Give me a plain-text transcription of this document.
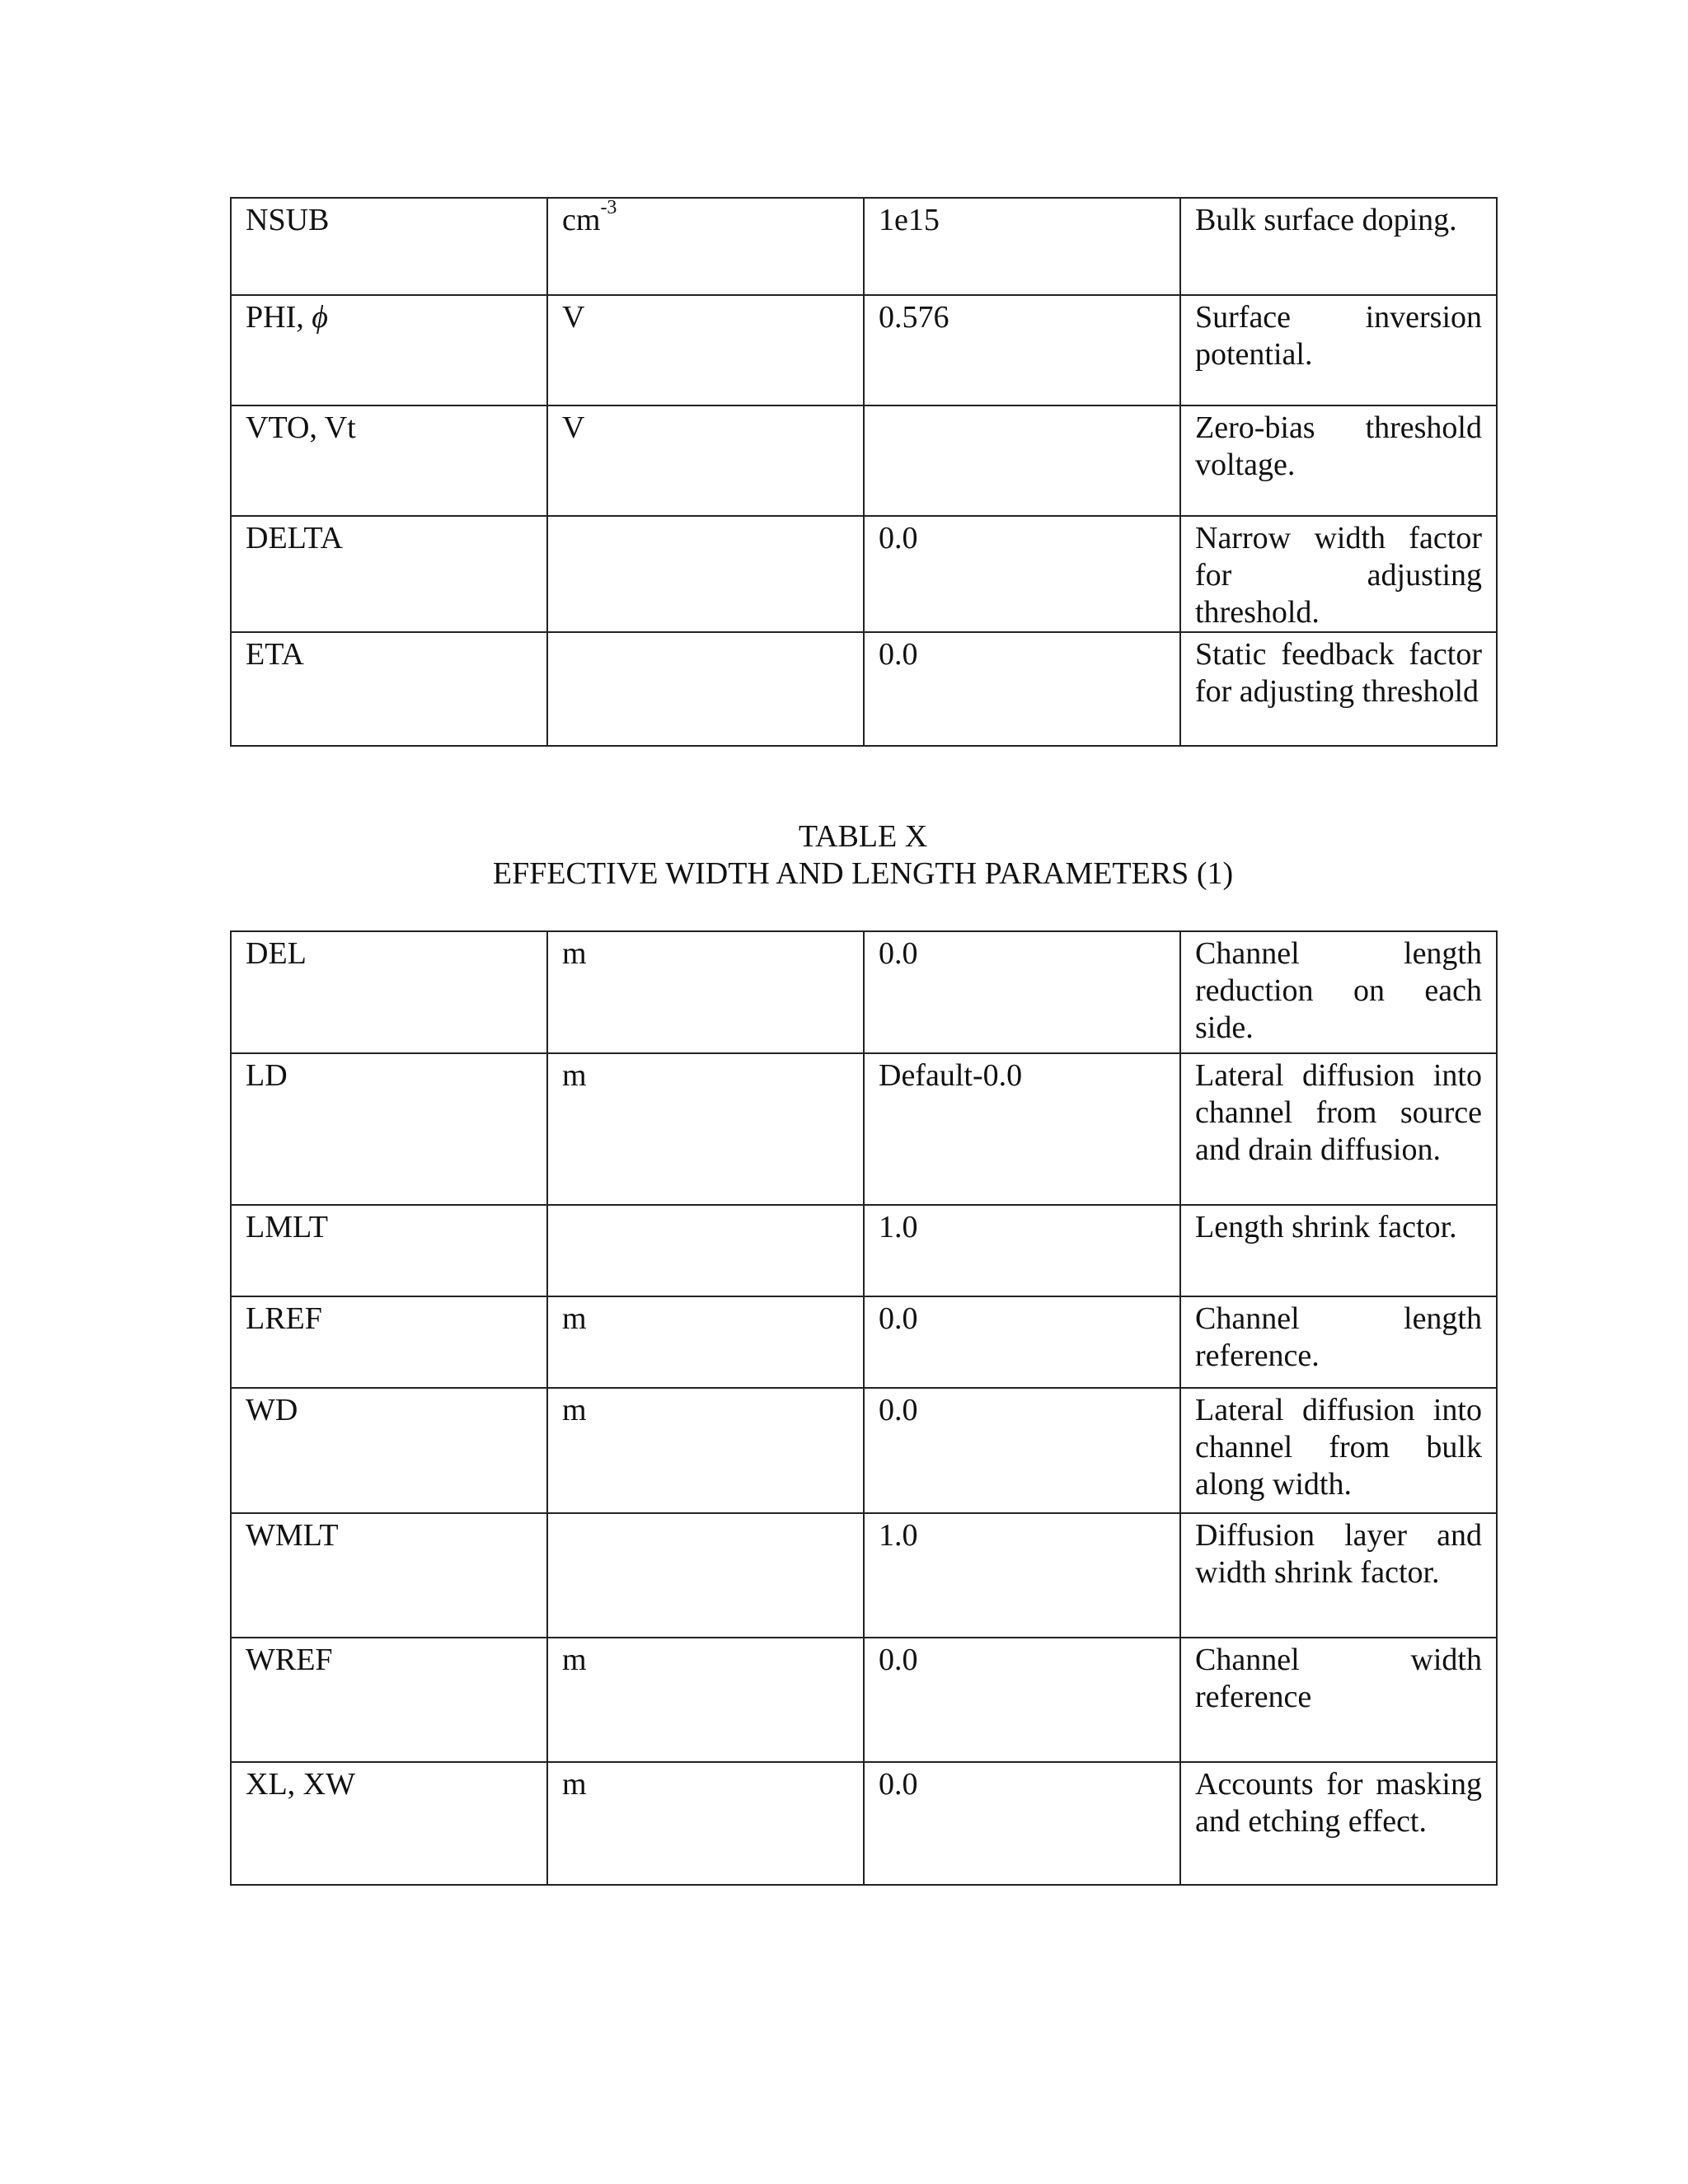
NSUB	$cm^{-3}$	1e15	Bulk surface doping.
PHI, ϕ	V	0.576	Surface inversion potential.
VTO, Vt	V		Zero-bias threshold voltage.
DELTA		0.0	Narrow width factor for adjusting threshold.
ETA		0.0	Static feedback factor for adjusting threshold
TABLE X
EFFECTIVE WIDTH AND LENGTH PARAMETERS (1)
DEL	m	0.0	Channel length reduction on each side.
LD	m	Default-0.0	Lateral diffusion into channel from source and drain diffusion.
LMLT		1.0	Length shrink factor.
LREF	m	0.0	Channel length reference.
WD	m	0.0	Lateral diffusion into channel from bulk along width.
WMLT		1.0	Diffusion layer and width shrink factor.
WREF	m	0.0	Channel width reference
XL, XW	m	0.0	Accounts for masking and etching effect.
